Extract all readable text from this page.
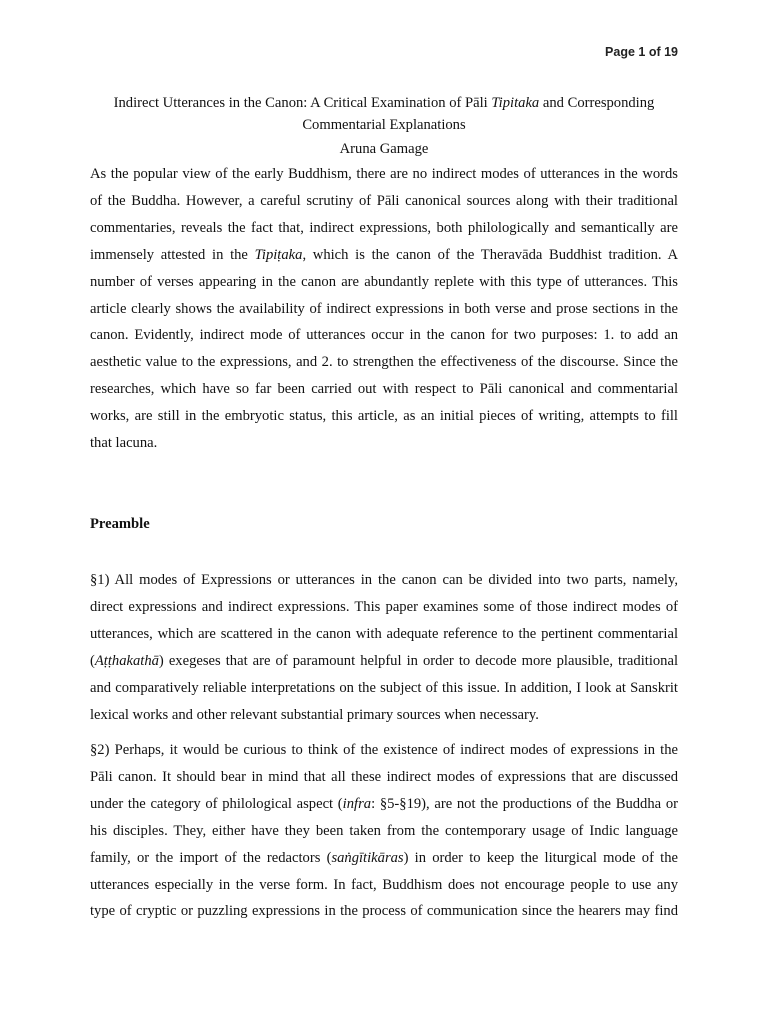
Page 1 of 19
Indirect Utterances in the Canon: A Critical Examination of Pāli Tipitaka and Corresponding
Commentarial Explanations
Aruna Gamage
As the popular view of the early Buddhism, there are no indirect modes of utterances in the words
of the Buddha. However, a careful scrutiny of Pāli canonical sources along with their traditional
commentaries, reveals the fact that, indirect expressions, both philologically and semantically are
immensely attested in the Tipiṭaka, which is the canon of the Theravāda Buddhist tradition. A
number of verses appearing in the canon are abundantly replete with this type of utterances. This
article clearly shows the availability of indirect expressions in both verse and prose sections in the
canon. Evidently, indirect mode of utterances occur in the canon for two purposes: 1. to add an
aesthetic value to the expressions, and 2. to strengthen the effectiveness of the discourse. Since the
researches, which have so far been carried out with respect to Pāli canonical and commentarial
works, are still in the embryotic status, this article, as an initial pieces of writing, attempts to fill
that lacuna.
Preamble
§1) All modes of Expressions or utterances in the canon can be divided into two parts, namely,
direct expressions and indirect expressions. This paper examines some of those indirect modes of
utterances, which are scattered in the canon with adequate reference to the pertinent commentarial
(Aṭṭhakathā) exegeses that are of paramount helpful in order to decode more plausible, traditional
and comparatively reliable interpretations on the subject of this issue. In addition, I look at Sanskrit
lexical works and other relevant substantial primary sources when necessary.
§2) Perhaps, it would be curious to think of the existence of indirect modes of expressions in the
Pāli canon. It should bear in mind that all these indirect modes of expressions that are discussed
under the category of philological aspect (infra: §5-§19), are not the productions of the Buddha or
his disciples. They, either have they been taken from the contemporary usage of Indic language
family, or the import of the redactors (saṅgītikāras) in order to keep the liturgical mode of the
utterances especially in the verse form. In fact, Buddhism does not encourage people to use any
type of cryptic or puzzling expressions in the process of communication since the hearers may find
